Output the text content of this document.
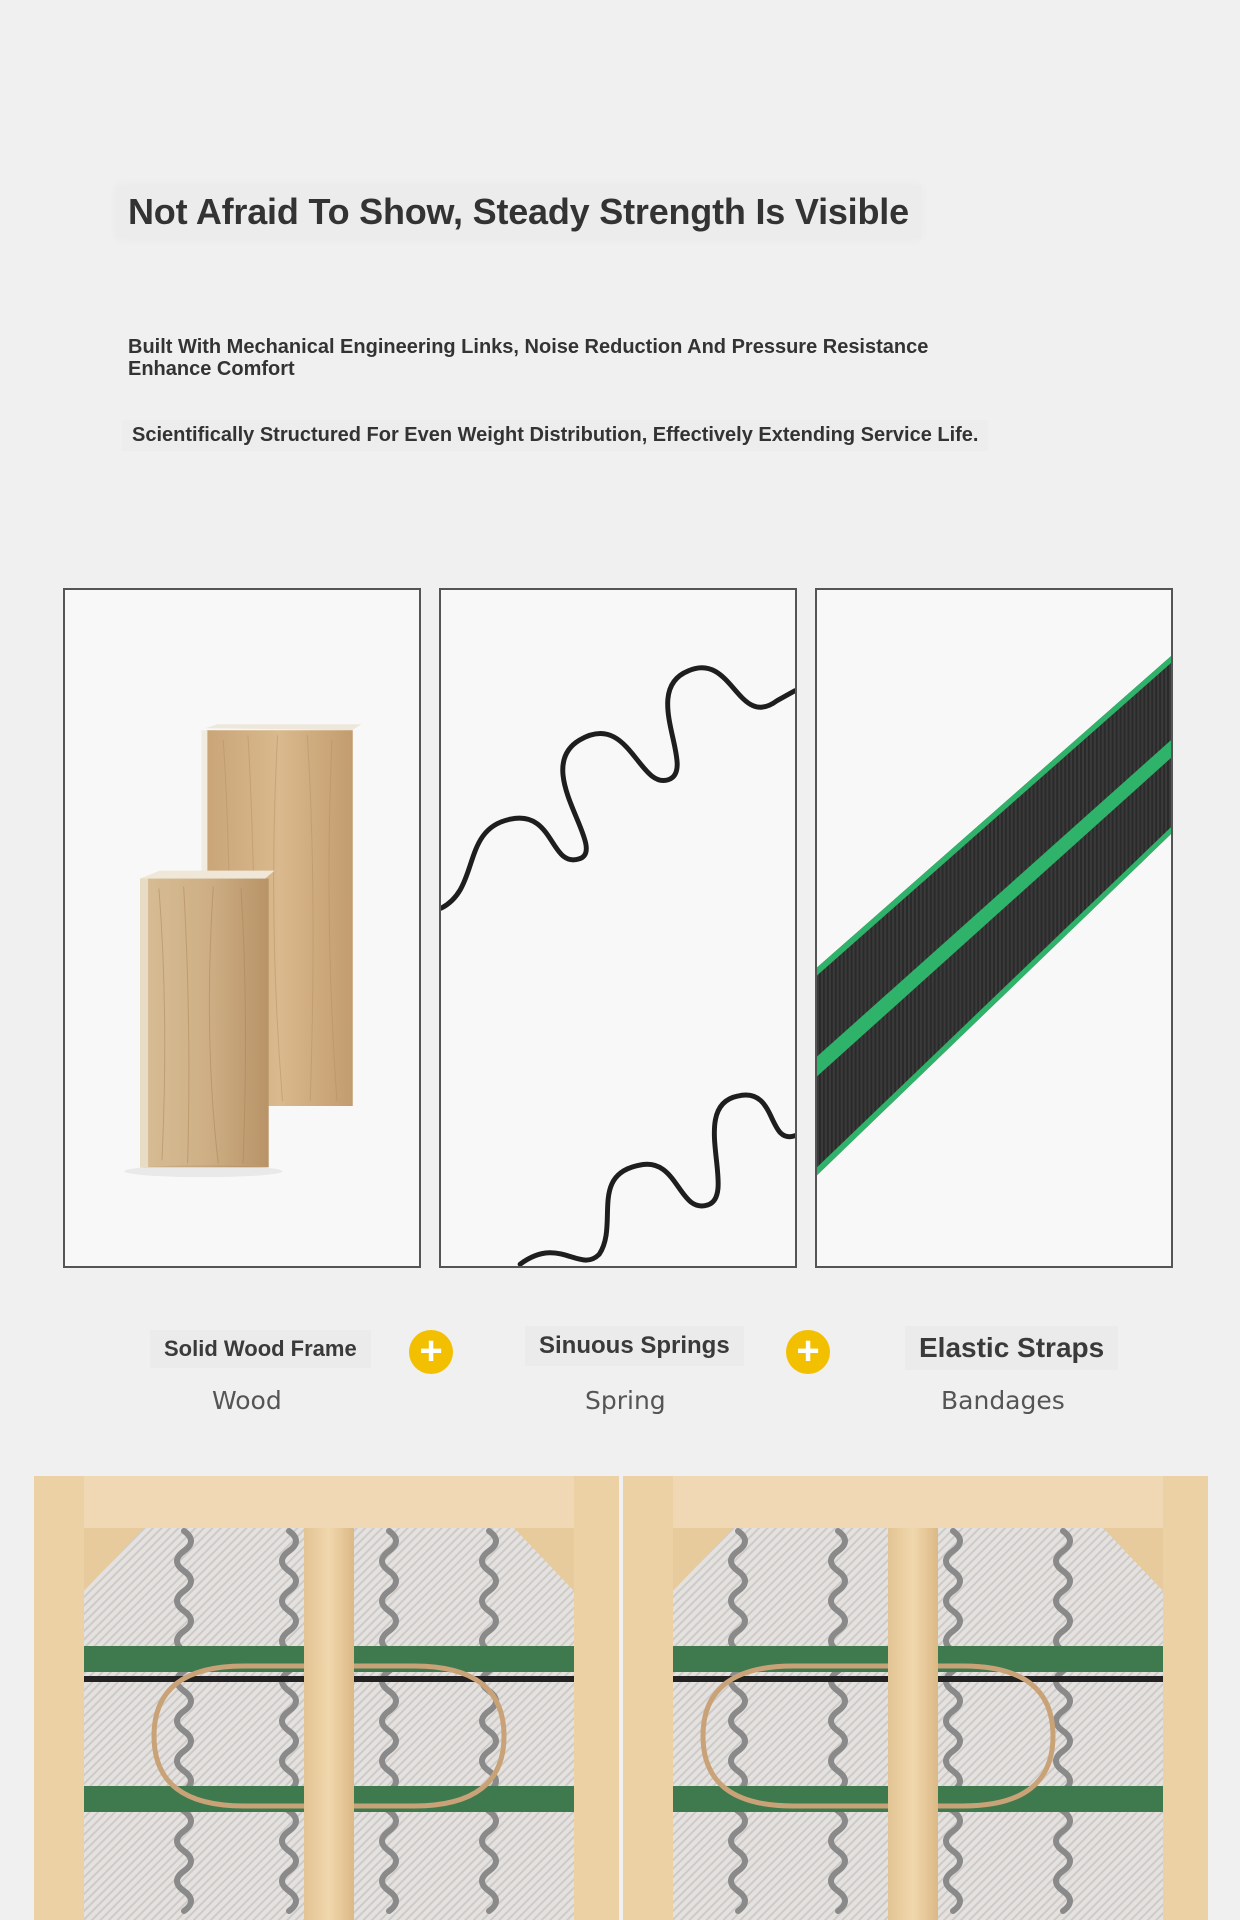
Not Afraid To Show, Steady Strength Is Visible
Built With Mechanical Engineering Links, Noise Reduction And Pressure Resistance Enhance Comfort
Scientifically Structured For Even Weight Distribution, Effectively Extending Service Life.
Solid Wood Frame
Wood
+	Sinuous Springs
Spring
+	Elastic Straps
Bandages
